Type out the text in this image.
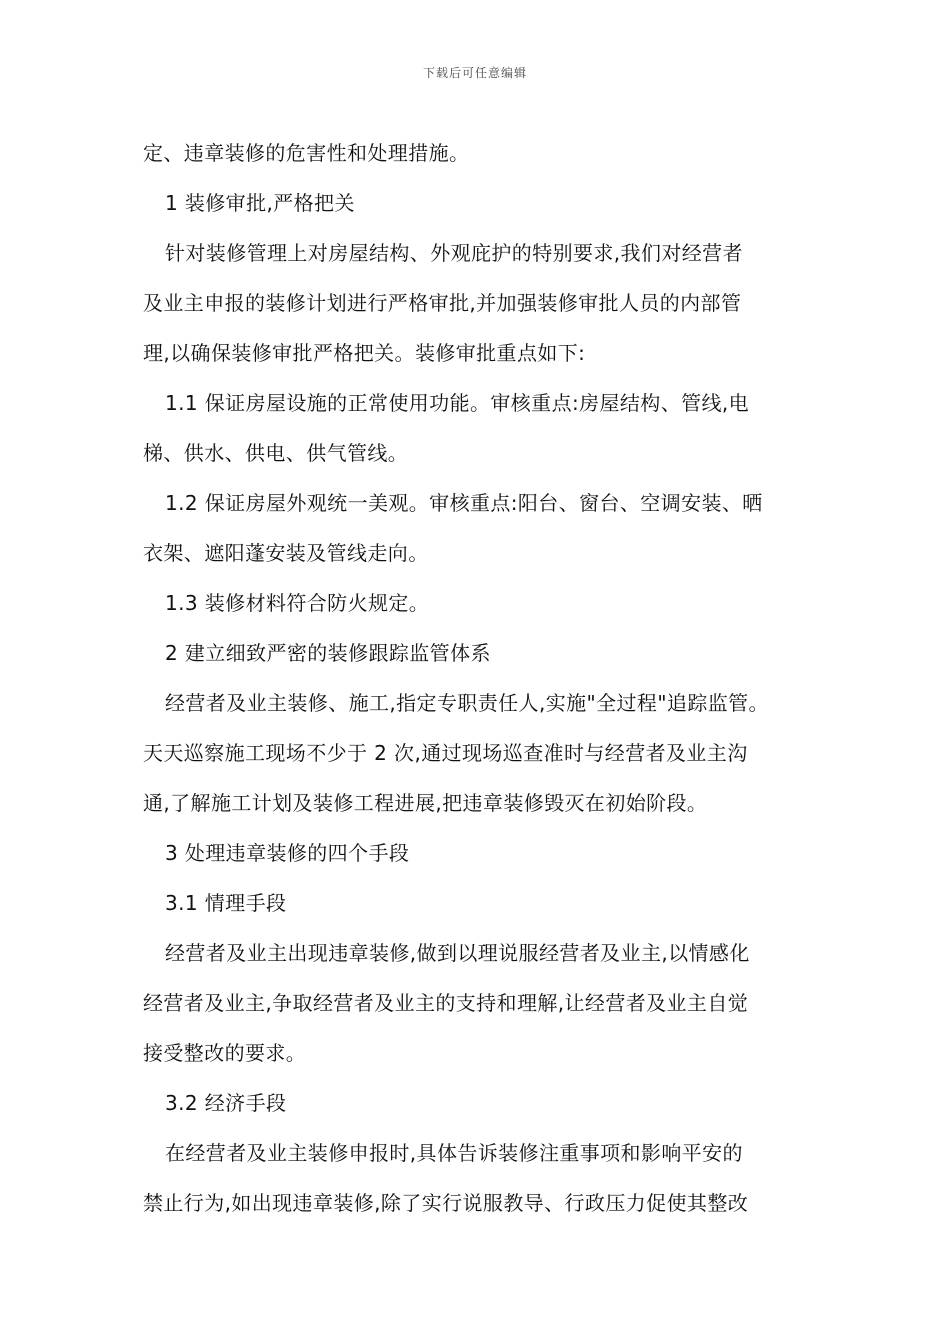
下载后可任意编辑
定、违章装修的危害性和处理措施。
1 装修审批,严格把关
针对装修管理上对房屋结构、外观庇护的特别要求,我们对经营者
及业主申报的装修计划进行严格审批,并加强装修审批人员的内部管
理,以确保装修审批严格把关。装修审批重点如下:
1.1 保证房屋设施的正常使用功能。审核重点:房屋结构、管线,电
梯、供水、供电、供气管线。
1.2 保证房屋外观统一美观。审核重点:阳台、窗台、空调安装、晒
衣架、遮阳蓬安装及管线走向。
1.3 装修材料符合防火规定。
2 建立细致严密的装修跟踪监管体系
经营者及业主装修、施工,指定专职责任人,实施"全过程"追踪监管。
天天巡察施工现场不少于 2 次,通过现场巡查准时与经营者及业主沟
通,了解施工计划及装修工程进展,把违章装修毁灭在初始阶段。
3 处理违章装修的四个手段
3.1 情理手段
经营者及业主出现违章装修,做到以理说服经营者及业主,以情感化
经营者及业主,争取经营者及业主的支持和理解,让经营者及业主自觉
接受整改的要求。
3.2 经济手段
在经营者及业主装修申报时,具体告诉装修注重事项和影响平安的
禁止行为,如出现违章装修,除了实行说服教导、行政压力促使其整改
